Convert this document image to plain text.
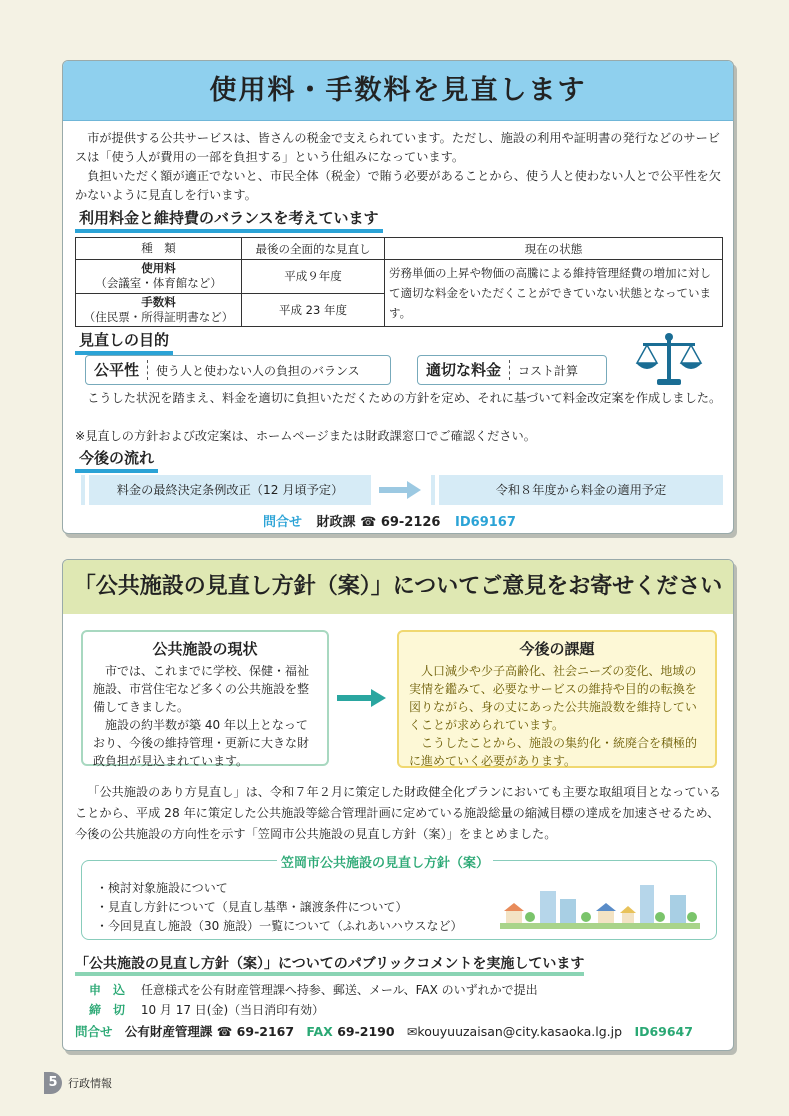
使用料・手数料を見直します

市が提供する公共サービスは、皆さんの税金で支えられています。ただし、施設の利用や証明書の発行などのサービスは「使う人が費用の一部を負担する」という仕組みになっています。

負担いただく額が適正でないと、市民全体（税金）で賄う必要があることから、使う人と使わない人とで公平性を欠かないように見直しを行います。

利用料金と維持費のバランスを考えています
種　類	最後の全面的な見直し	現在の状態
使用料
（会議室・体育館など）	平成９年度	労務単価の上昇や物価の高騰による維持管理経費の増加に対して適切な料金をいただくことができていない状態となっています。
手数料
（住民票・所得証明書など）	平成 23 年度	
見直しの目的
公平性	使う人と使わない人の負担のバランス	適切な料金	コスト計算

こうした状況を踏まえ、料金を適切に負担いただくための方針を定め、それに基づいて料金改定案を作成しました。

※見直しの方針および改定案は、ホームページまたは財政課窓口でご確認ください。

今後の流れ
料金の最終決定条例改正（12 月頃予定）	令和８年度から料金の適用予定
問合せ 財政課 ☎ 69-2126 ID69167
「公共施設の見直し方針（案）」についてご意見をお寄せください
公共施設の現状

市では、これまでに学校、保健・福祉施設、市営住宅など多くの公共施設を整備してきました。

施設の約半数が築 40 年以上となっており、今後の維持管理・更新に大きな財政負担が見込まれています。

今後の課題

人口減少や少子高齢化、社会ニーズの変化、地域の実情を鑑みて、必要なサービスの維持や目的の転換を図りながら、身の丈にあった公共施設数を維持していくことが求められています。

こうしたことから、施設の集約化・統廃合を積極的に進めていく必要があります。

「公共施設のあり方見直し」は、令和７年２月に策定した財政健全化プランにおいても主要な取組項目となっていることから、平成 28 年に策定した公共施設等総合管理計画に定めている施設総量の縮減目標の達成を加速させるため、今後の公共施設の方向性を示す「笠岡市公共施設の見直し方針（案）」をまとめました。

・検討対象施設について
・見直し方針について（見直し基準・譲渡条件について）
・今回見直し施設（30 施設）一覧について（ふれあいハウスなど）
笠岡市公共施設の見直し方針（案）
「公共施設の見直し方針（案）」についてのパブリックコメントを実施しています
申　込 任意様式を公有財産管理課へ持参、郵送、メール、FAX のいずれかで提出
締　切 10 月 17 日(金)（当日消印有効）
問合せ 公有財産管理課 ☎ 69-2167 FAX 69-2190 ✉kouyuuzaisan@city.kasaoka.lg.jp ID69647
5 行政情報
